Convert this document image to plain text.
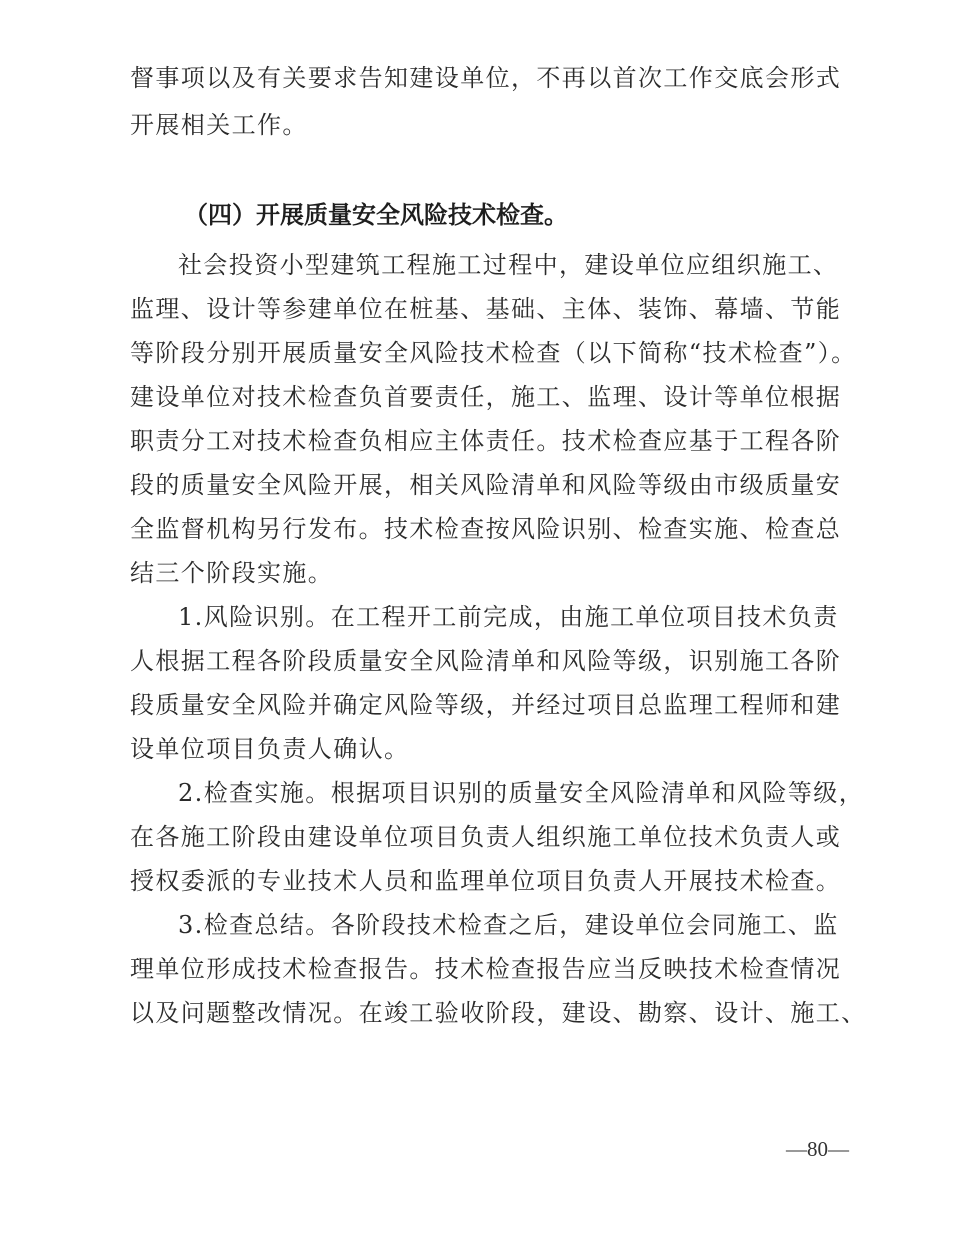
督事项以及有关要求告知建设单位，不再以首次工作交底会形式
开展相关工作。
（四）开展质量安全风险技术检查。
社会投资小型建筑工程施工过程中，建设单位应组织施工、
监理、设计等参建单位在桩基、基础、主体、装饰、幕墙、节能
等阶段分别开展质量安全风险技术检查（以下简称“技术检查”）。
建设单位对技术检查负首要责任，施工、监理、设计等单位根据
职责分工对技术检查负相应主体责任。技术检查应基于工程各阶
段的质量安全风险开展，相关风险清单和风险等级由市级质量安
全监督机构另行发布。技术检查按风险识别、检查实施、检查总
结三个阶段实施。
1.风险识别。在工程开工前完成，由施工单位项目技术负责
人根据工程各阶段质量安全风险清单和风险等级，识别施工各阶
段质量安全风险并确定风险等级，并经过项目总监理工程师和建
设单位项目负责人确认。
2.检查实施。根据项目识别的质量安全风险清单和风险等级，
在各施工阶段由建设单位项目负责人组织施工单位技术负责人或
授权委派的专业技术人员和监理单位项目负责人开展技术检查。
3.检查总结。各阶段技术检查之后，建设单位会同施工、监
理单位形成技术检查报告。技术检查报告应当反映技术检查情况
以及问题整改情况。在竣工验收阶段，建设、勘察、设计、施工、
—80—
